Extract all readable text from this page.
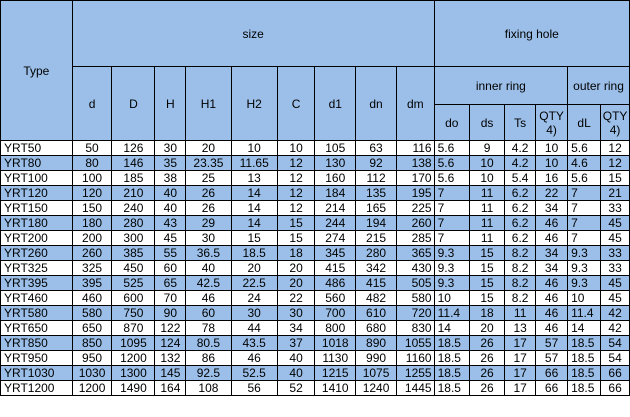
Type	size									fixing hole					
	d	D	H	H1	H2	C	d1	dn	dm	inner ring				outer ring	
										do	ds	Ts	QTY 4)	dL	QTY 4)
YRT50	50	126	30	20	10	10	105	63	116	5.6	9	4.2	10	5.6	12
YRT80	80	146	35	23.35	11.65	12	130	92	138	5.6	10	4.2	10	4.6	12
YRT100	100	185	38	25	13	12	160	112	170	5.6	10	5.4	16	5.6	15
YRT120	120	210	40	26	14	12	184	135	195	7	11	6.2	22	7	21
YRT150	150	240	40	26	14	12	214	165	225	7	11	6.2	34	7	33
YRT180	180	280	43	29	14	15	244	194	260	7	11	6.2	46	7	45
YRT200	200	300	45	30	15	15	274	215	285	7	11	6.2	46	7	45
YRT260	260	385	55	36.5	18.5	18	345	280	365	9.3	15	8.2	34	9.3	33
YRT325	325	450	60	40	20	20	415	342	430	9.3	15	8.2	34	9.3	33
YRT395	395	525	65	42.5	22.5	20	486	415	505	9.3	15	8.2	46	9.3	45
YRT460	460	600	70	46	24	22	560	482	580	10	15	8.2	46	10	45
YRT580	580	750	90	60	30	30	700	610	720	11.4	18	11	46	11.4	42
YRT650	650	870	122	78	44	34	800	680	830	14	20	13	46	14	42
YRT850	850	1095	124	80.5	43.5	37	1018	890	1055	18.5	26	17	57	18.5	54
YRT950	950	1200	132	86	46	40	1130	990	1160	18.5	26	17	57	18.5	54
YRT1030	1030	1300	145	92.5	52.5	40	1215	1075	1255	18.5	26	17	66	18.5	66
YRT1200	1200	1490	164	108	56	52	1410	1240	1445	18.5	26	17	66	18.5	66
